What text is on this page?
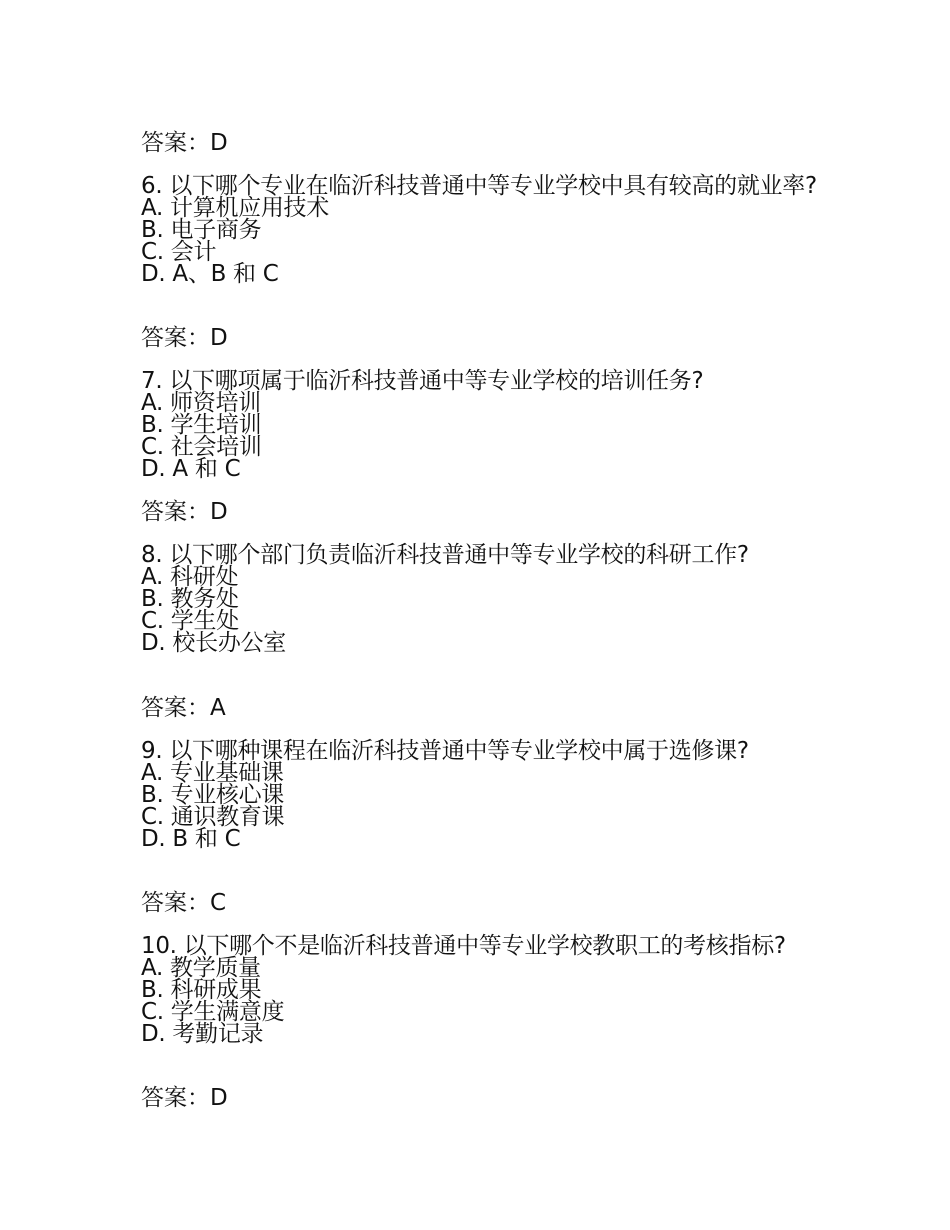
答案：D
6. 以下哪个专业在临沂科技普通中等专业学校中具有较高的就业率?
A. 计算机应用技术
B. 电子商务
C. 会计
D. A、B 和 C
答案：D
7. 以下哪项属于临沂科技普通中等专业学校的培训任务?
A. 师资培训
B. 学生培训
C. 社会培训
D. A 和 C
答案：D
8. 以下哪个部门负责临沂科技普通中等专业学校的科研工作?
A. 科研处
B. 教务处
C. 学生处
D. 校长办公室
答案：A
9. 以下哪种课程在临沂科技普通中等专业学校中属于选修课?
A. 专业基础课
B. 专业核心课
C. 通识教育课
D. B 和 C
答案：C
10. 以下哪个不是临沂科技普通中等专业学校教职工的考核指标?
A. 教学质量
B. 科研成果
C. 学生满意度
D. 考勤记录
答案：D
